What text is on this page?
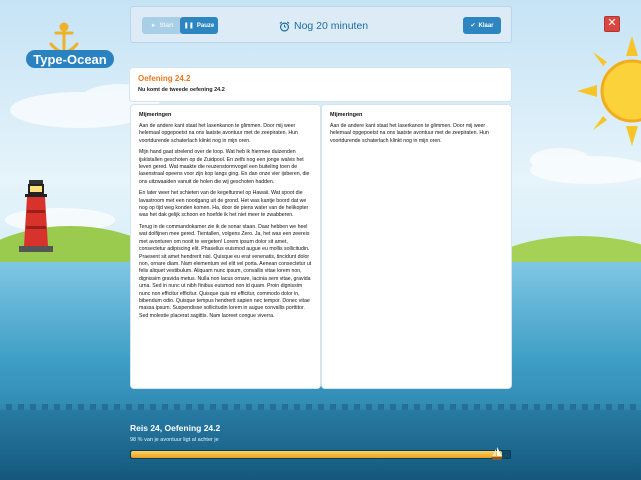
Type-Ocean
► Start ❚❚ Pauze	Nog 20 minuten	✔ Klaar	✕
Oefening 24.2
Nu komt de tweede oefening 24.2
Mijmeringen

Aan de andere kant staat het lasenkanon te glimmen. Door mij weer helemaal opgepoetst na ons laatste avontuur met de zeepiraten. Hun voortdurende schaterlach klinkt nog in mijn oren.

Mijn hand gaat strelend over de loop. Wat heb ik hiermee duizenden ijsklstallen geschoten op de Zuidpool. En zelfs nog een jonge walvis het leven gered. Wat maakte die reuzenstormvogel een buiteling toen de lasenstraal opeens voor zijn kop langs ging. En dan onze vier ijsberen, die ons uitzwaaiden vanuit de holen die wij geschoten hadden.

En later weer het schieten van de kegeltunnel op Hawaii. Wat spoot die lavastroom met een noodgang uit de grond. Het was kantje boord dat we nog op tijd weg konden komen. Ha, door de piens water van de helikopter was het dak gelijk schoon en hoefde ik het niet meer te zwabberen.

Terug in de commandokamer zie ik de sonar staan. Daar hebben we heel wat dolfijnen mee gered. Tientallen, volgens Zero. Ja, het was een zeereis met avonturen om nooit te vergeten! Lorem ipsum dolor sit amet, consectetur adipiscing elit. Phasellus euismod augue eu mollis sollicitudin. Praesent sit amet hendrerit nisl. Quisque eu erat venenatis, tincidunt dolor non, ornare diam. Nam elementum vel elit vel porta. Aenean consectetur ut felis aliquet vestibulum. Aliquam nunc ipsum, convallis vitae lorem non, dignissim gravida metus. Nulla non lacus ornare, lacinia sem vitae, gravida urna. Sed in nunc ut nibh finibus euismod non id quam. Proin dignissim nunc non efficitur efficitur. Quisque quis mi efficitur, commodo dolor in, bibendum odio. Quisque tempus hendrerit sapien nec tempor. Donec vitae massa ipsum. Suspendisse sollicitudin lorem in augue convallis porttitor. Sed molestie placerat sagittis. Nam laoreet congue viverra.

Mijmeringen

Aan de andere kant staat het laserkanon te glimmen. Door mij weer helemaal opgepoetst na ons laatste avontuur met de zeepiraten. Hun voortdurende schaterlach klinkt nog in mijn oren.

Reis 24, Oefening 24.2
98 % van je avontuur ligt al achter je
